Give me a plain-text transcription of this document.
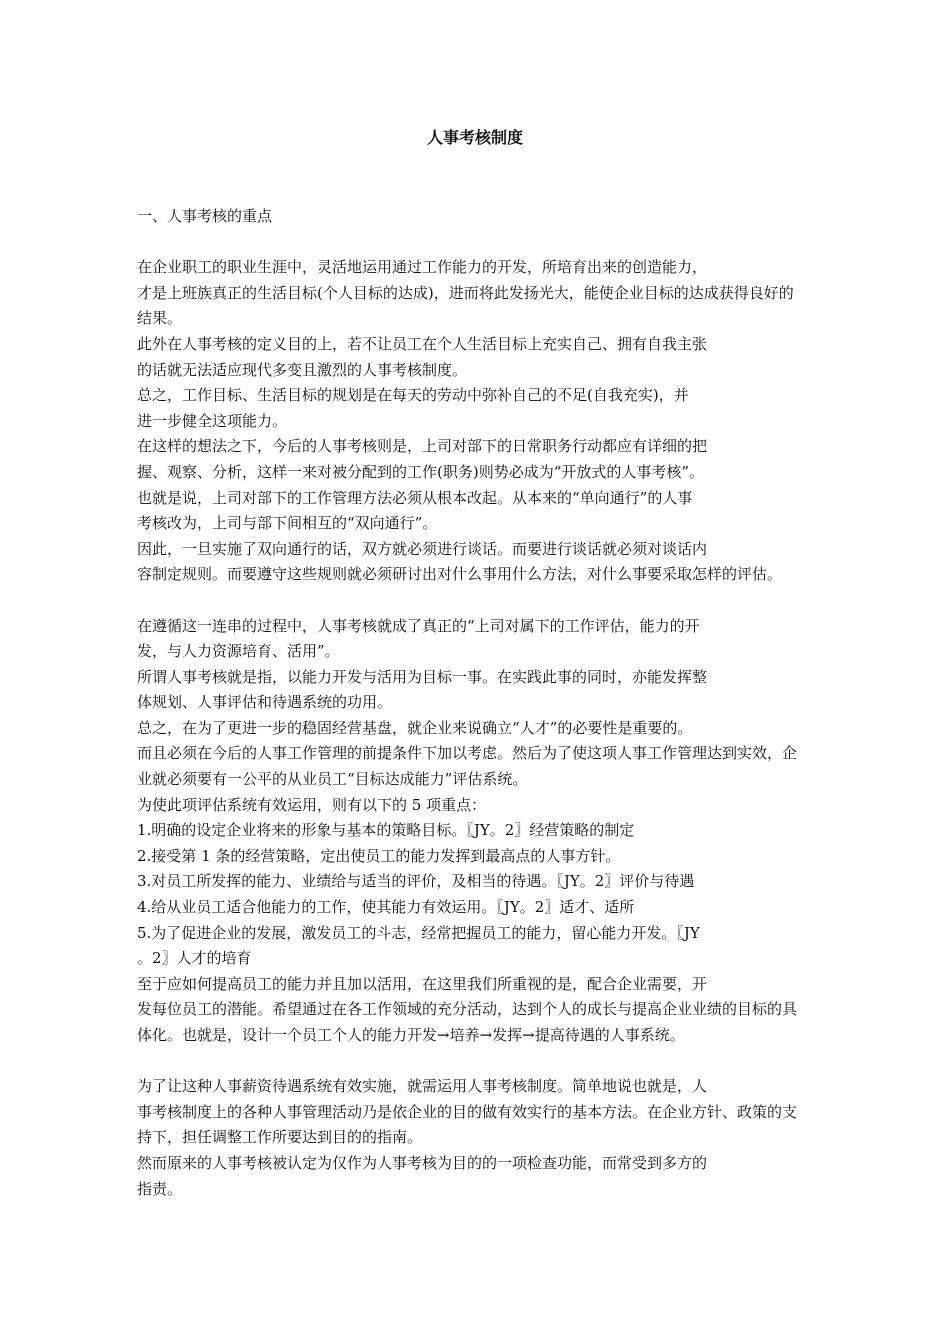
人事考核制度
一、人事考核的重点
在企业职工的职业生涯中，灵活地运用通过工作能力的开发，所培育出来的创造能力，
才是上班族真正的生活目标(个人目标的达成)，进而将此发扬光大，能使企业目标的达成获得良好的
结果。
此外在人事考核的定义目的上，若不让员工在个人生活目标上充实自己、拥有自我主张
的话就无法适应现代多变且激烈的人事考核制度。
总之，工作目标、生活目标的规划是在每天的劳动中弥补自己的不足(自我充实)，并
进一步健全这项能力。
在这样的想法之下，今后的人事考核则是，上司对部下的日常职务行动都应有详细的把
握、观察、分析，这样一来对被分配到的工作(职务)则势必成为“开放式的人事考核”。
也就是说，上司对部下的工作管理方法必须从根本改起。从本来的“单向通行”的人事
考核改为，上司与部下间相互的“双向通行”。
因此，一旦实施了双向通行的话，双方就必须进行谈话。而要进行谈话就必须对谈话内
容制定规则。而要遵守这些规则就必须研讨出对什么事用什么方法，对什么事要采取怎样的评估。
在遵循这一连串的过程中，人事考核就成了真正的“上司对属下的工作评估，能力的开
发，与人力资源培育、活用”。
所谓人事考核就是指，以能力开发与活用为目标一事。在实践此事的同时，亦能发挥整
体规划、人事评估和待遇系统的功用。
总之，在为了更进一步的稳固经营基盘，就企业来说确立“人才”的必要性是重要的。
而且必须在今后的人事工作管理的前提条件下加以考虑。然后为了使这项人事工作管理达到实效，企
业就必须要有一公平的从业员工“目标达成能力”评估系统。
为使此项评估系统有效运用，则有以下的 5 项重点：
1.明确的设定企业将来的形象与基本的策略目标。〖JY。2〗经营策略的制定
2.接受第 1 条的经营策略，定出使员工的能力发挥到最高点的人事方针。
3.对员工所发挥的能力、业绩给与适当的评价，及相当的待遇。〖JY。2〗评价与待遇
4.给从业员工适合他能力的工作，使其能力有效运用。〖JY。2〗适才、适所
5.为了促进企业的发展，激发员工的斗志，经常把握员工的能力，留心能力开发。〖JY
。2〗人才的培育
至于应如何提高员工的能力并且加以活用，在这里我们所重视的是，配合企业需要，开
发每位员工的潜能。希望通过在各工作领域的充分活动，达到个人的成长与提高企业业绩的目标的具
体化。也就是，设计一个员工个人的能力开发→培养→发挥→提高待遇的人事系统。
为了让这种人事薪资待遇系统有效实施，就需运用人事考核制度。简单地说也就是，人
事考核制度上的各种人事管理活动乃是依企业的目的做有效实行的基本方法。在企业方针、政策的支
持下，担任调整工作所要达到目的的指南。
然而原来的人事考核被认定为仅作为人事考核为目的的一项检查功能，而常受到多方的
指责。
